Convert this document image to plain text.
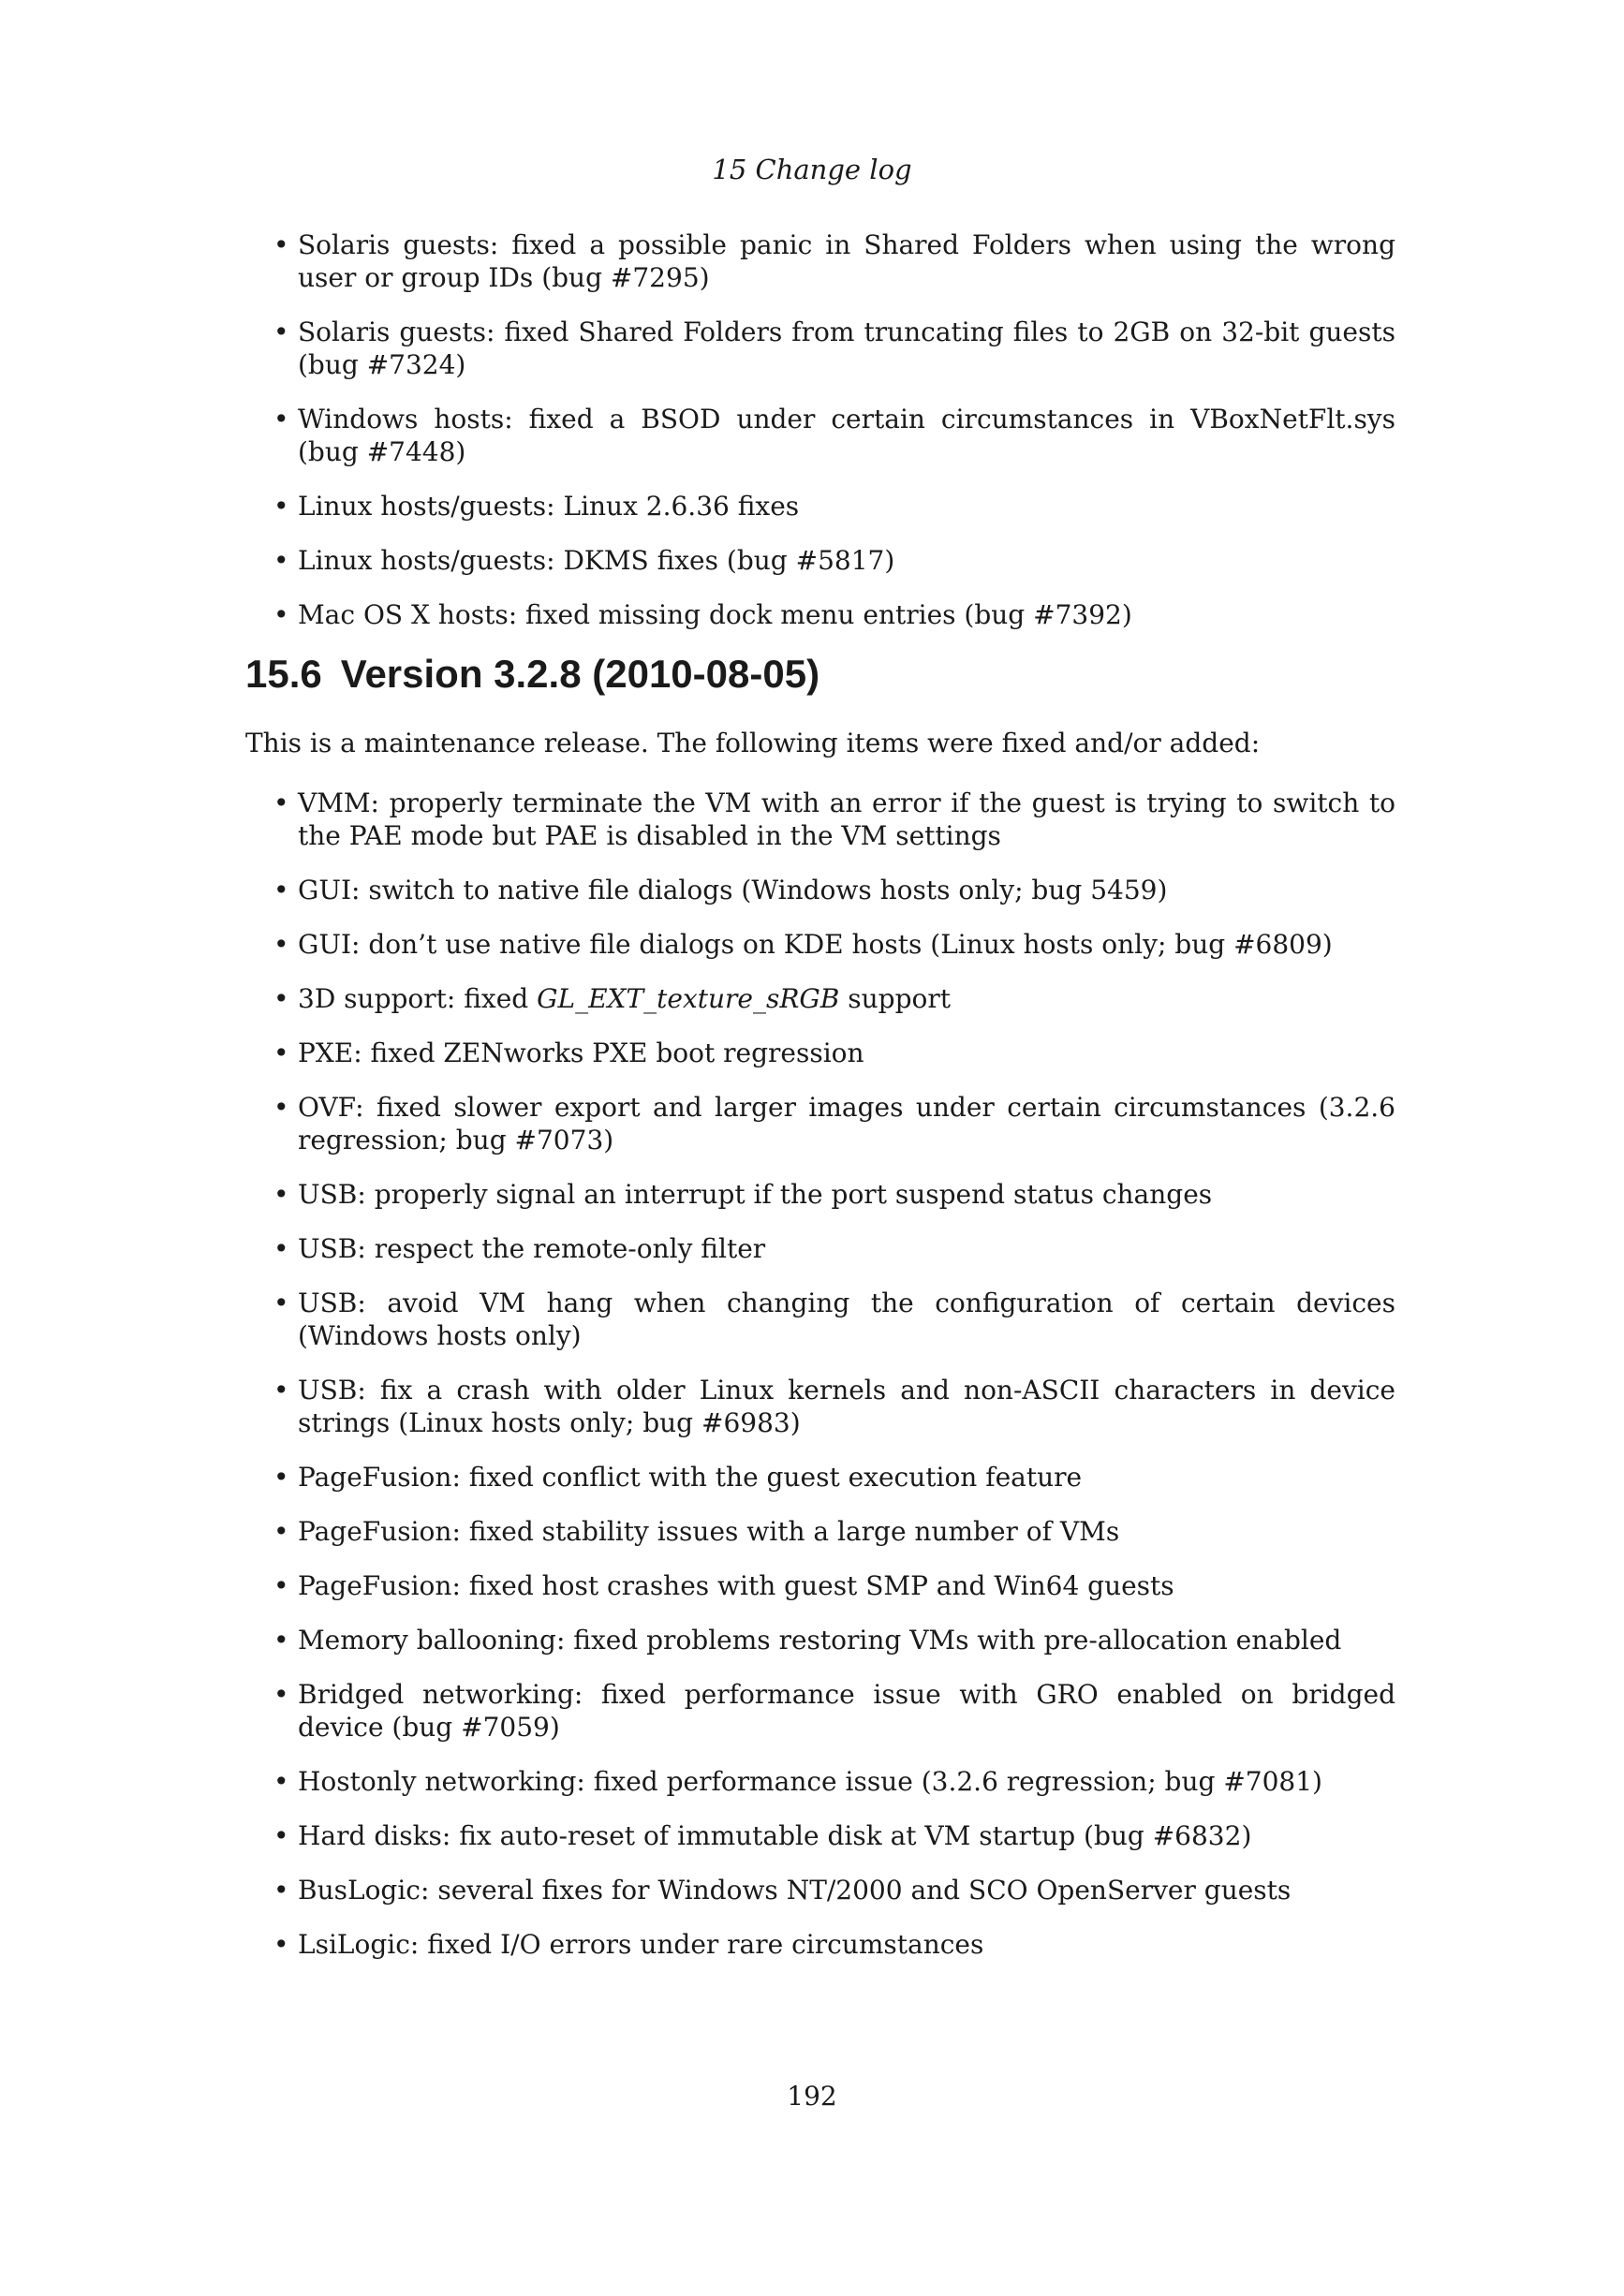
15 Change log
• Solaris guests: fixed a possible panic in Shared Folders when using the wrong user or group IDs (bug #7295)
• Solaris guests: fixed Shared Folders from truncating files to 2GB on 32-bit guests (bug #7324)
• Windows hosts: fixed a BSOD under certain circumstances in VBoxNetFlt.sys (bug #7448)
• Linux hosts/guests: Linux 2.6.36 fixes
• Linux hosts/guests: DKMS fixes (bug #5817)
• Mac OS X hosts: fixed missing dock menu entries (bug #7392)
15.6 Version 3.2.8 (2010-08-05)

This is a maintenance release. The following items were fixed and/or added:

• VMM: properly terminate the VM with an error if the guest is trying to switch to the PAE mode but PAE is disabled in the VM settings
• GUI: switch to native file dialogs (Windows hosts only; bug 5459)
• GUI: don’t use native file dialogs on KDE hosts (Linux hosts only; bug #6809)
• 3D support: fixed GL_EXT_texture_sRGB support
• PXE: fixed ZENworks PXE boot regression
• OVF: fixed slower export and larger images under certain circumstances (3.2.6 regression; bug #7073)
• USB: properly signal an interrupt if the port suspend status changes
• USB: respect the remote-only filter
• USB: avoid VM hang when changing the configuration of certain devices (Windows hosts only)
• USB: fix a crash with older Linux kernels and non-ASCII characters in device strings (Linux hosts only; bug #6983)
• PageFusion: fixed conflict with the guest execution feature
• PageFusion: fixed stability issues with a large number of VMs
• PageFusion: fixed host crashes with guest SMP and Win64 guests
• Memory ballooning: fixed problems restoring VMs with pre-allocation enabled
• Bridged networking: fixed performance issue with GRO enabled on bridged device (bug #7059)
• Hostonly networking: fixed performance issue (3.2.6 regression; bug #7081)
• Hard disks: fix auto-reset of immutable disk at VM startup (bug #6832)
• BusLogic: several fixes for Windows NT/2000 and SCO OpenServer guests
• LsiLogic: fixed I/O errors under rare circumstances
192
